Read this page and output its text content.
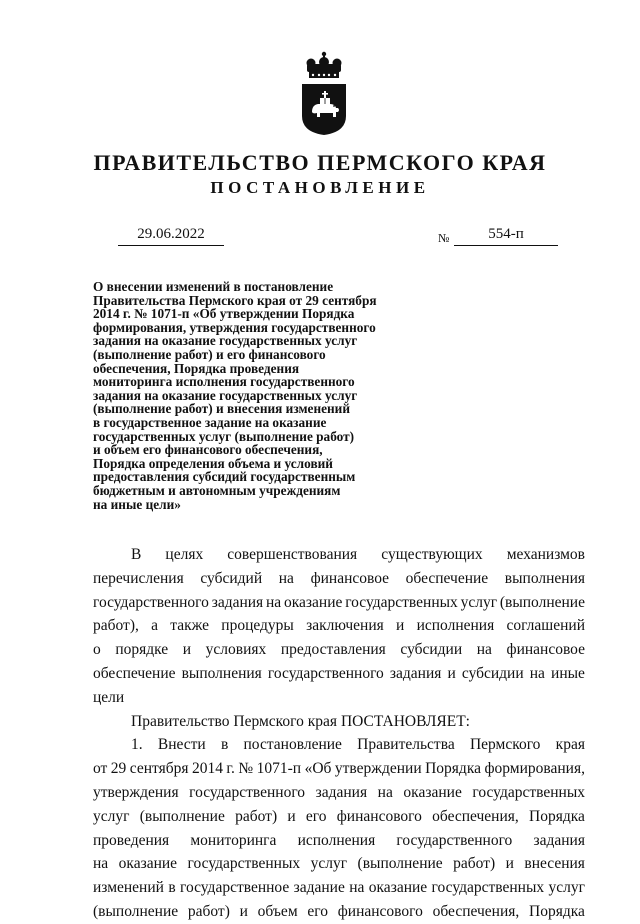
ПРАВИТЕЛЬСТВО ПЕРМСКОГО КРАЯ
ПОСТАНОВЛЕНИЕ
29.06.2022	№	554-п
О внесении изменений в постановление
Правительства Пермского края от 29 сентября
2014 г. № 1071-п «Об утверждении Порядка
формирования, утверждения государственного
задания на оказание государственных услуг
(выполнение работ) и его финансового
обеспечения, Порядка проведения
мониторинга исполнения государственного
задания на оказание государственных услуг
(выполнение работ) и внесения изменений
в государственное задание на оказание
государственных услуг (выполнение работ)
и объем его финансового обеспечения,
Порядка определения объема и условий
предоставления субсидий государственным
бюджетным и автономным учреждениям
на иные цели»
В целях совершенствования существующих механизмов
перечисления субсидий на финансовое обеспечение выполнения
государственного задания на оказание государственных услуг (выполнение
работ), а также процедуры заключения и исполнения соглашений
о порядке и условиях предоставления субсидии на финансовое
обеспечение выполнения государственного задания и субсидии на иные
цели
Правительство Пермского края ПОСТАНОВЛЯЕТ:
1. Внести в постановление Правительства Пермского края
от 29 сентября 2014 г. № 1071-п «Об утверждении Порядка формирования,
утверждения государственного задания на оказание государственных
услуг (выполнение работ) и его финансового обеспечения, Порядка
проведения мониторинга исполнения государственного задания
на оказание государственных услуг (выполнение работ) и внесения
изменений в государственное задание на оказание государственных услуг
(выполнение работ) и объем его финансового обеспечения, Порядка
